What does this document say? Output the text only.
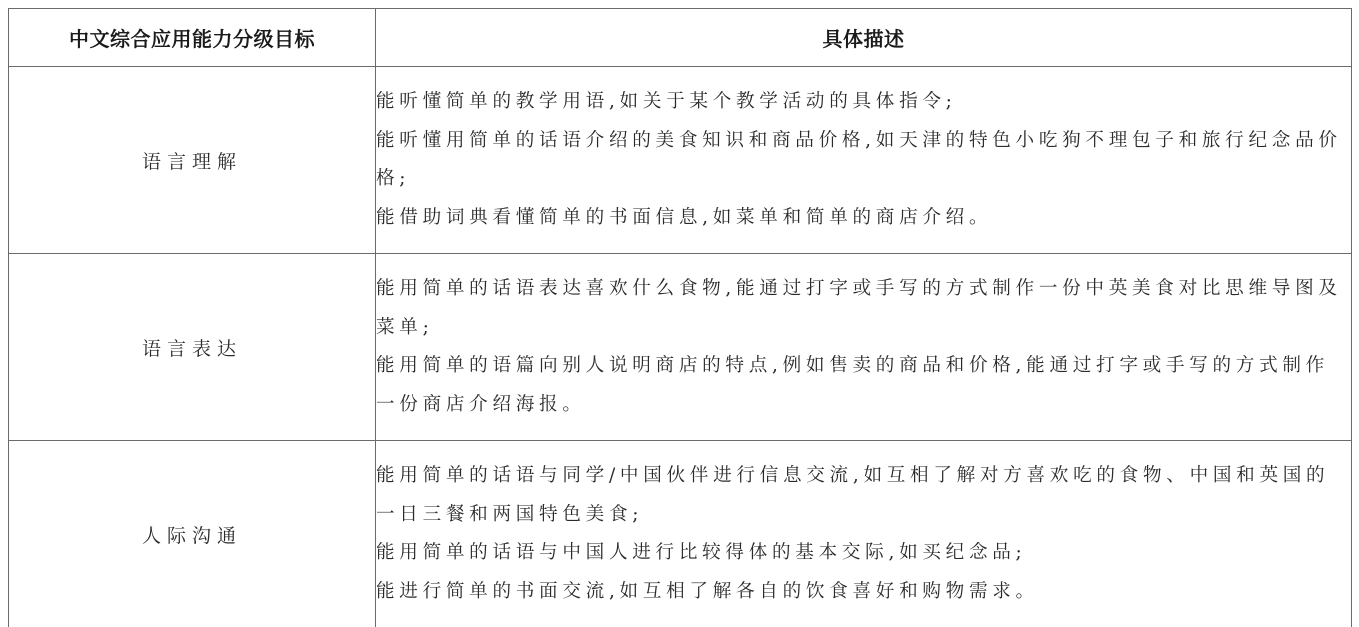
中文综合应用能力分级目标	具体描述
语言理解	能听懂简单的教学用语,如关于某个教学活动的具体指令;
能听懂用简单的话语介绍的美食知识和商品价格,如天津的特色小吃狗不理包子和旅行纪念品价格;
能借助词典看懂简单的书面信息,如菜单和简单的商店介绍。

语言表达	能用简单的话语表达喜欢什么食物,能通过打字或手写的方式制作一份中英美食对比思维导图及菜单;
能用简单的语篇向别人说明商店的特点,例如售卖的商品和价格,能通过打字或手写的方式制作一份商店介绍海报。

人际沟通	能用简单的话语与同学/中国伙伴进行信息交流,如互相了解对方喜欢吃的食物、中国和英国的一日三餐和两国特色美食;
能用简单的话语与中国人进行比较得体的基本交际,如买纪念品;
能进行简单的书面交流,如互相了解各自的饮食喜好和购物需求。
